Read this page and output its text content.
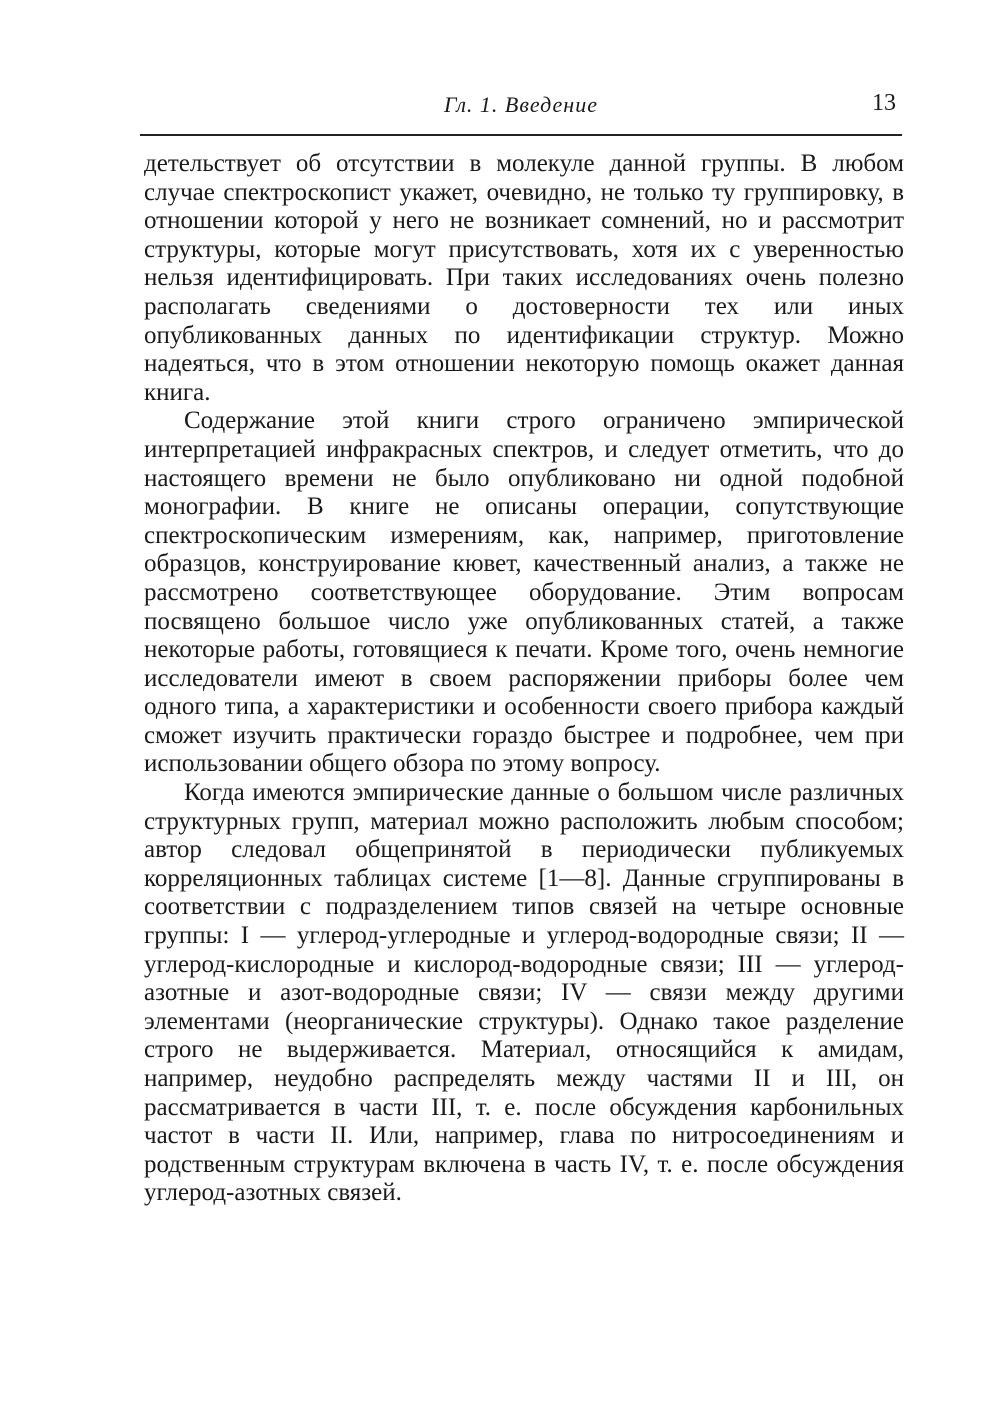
Гл. 1. Введение	13

детельствует об отсутствии в молекуле данной группы. В любом случае спектроскопист укажет, очевидно, не только ту группировку, в отношении которой у него не возникает сомнений, но и рассмотрит структуры, которые могут присутствовать, хотя их с уверенностью нельзя идентифицировать. При таких исследованиях очень полезно располагать сведениями о достоверности тех или иных опубликованных данных по идентификации структур. Можно надеяться, что в этом отношении некоторую помощь окажет данная книга.

Содержание этой книги строго ограничено эмпирической интерпретацией инфракрасных спектров, и следует отметить, что до настоящего времени не было опубликовано ни одной подобной монографии. В книге не описаны операции, сопутствующие спектроскопическим измерениям, как, например, приготовление образцов, конструирование кювет, качественный анализ, а также не рассмотрено соответствующее оборудование. Этим вопросам посвящено большое число уже опубликованных статей, а также некоторые работы, готовящиеся к печати. Кроме того, очень немногие исследователи имеют в своем распоряжении приборы более чем одного типа, а характеристики и особенности своего прибора каждый сможет изучить практически гораздо быстрее и подробнее, чем при использовании общего обзора по этому вопросу.

Когда имеются эмпирические данные о большом числе различных структурных групп, материал можно расположить любым способом; автор следовал общепринятой в периодически публикуемых корреляционных таблицах системе [1—8]. Данные сгруппированы в соответствии с подразделением типов связей на четыре основные группы: I — углерод-углеродные и углерод-водородные связи; II — углерод-кислородные и кислород-водородные связи; III — углерод-азотные и азот-водородные связи; IV — связи между другими элементами (неорганические структуры). Однако такое разделение строго не выдерживается. Материал, относящийся к амидам, например, неудобно распределять между частями II и III, он рассматривается в части III, т. е. после обсуждения карбонильных частот в части II. Или, например, глава по нитросоединениям и родственным структурам включена в часть IV, т. е. после обсуждения углерод-азотных связей.
